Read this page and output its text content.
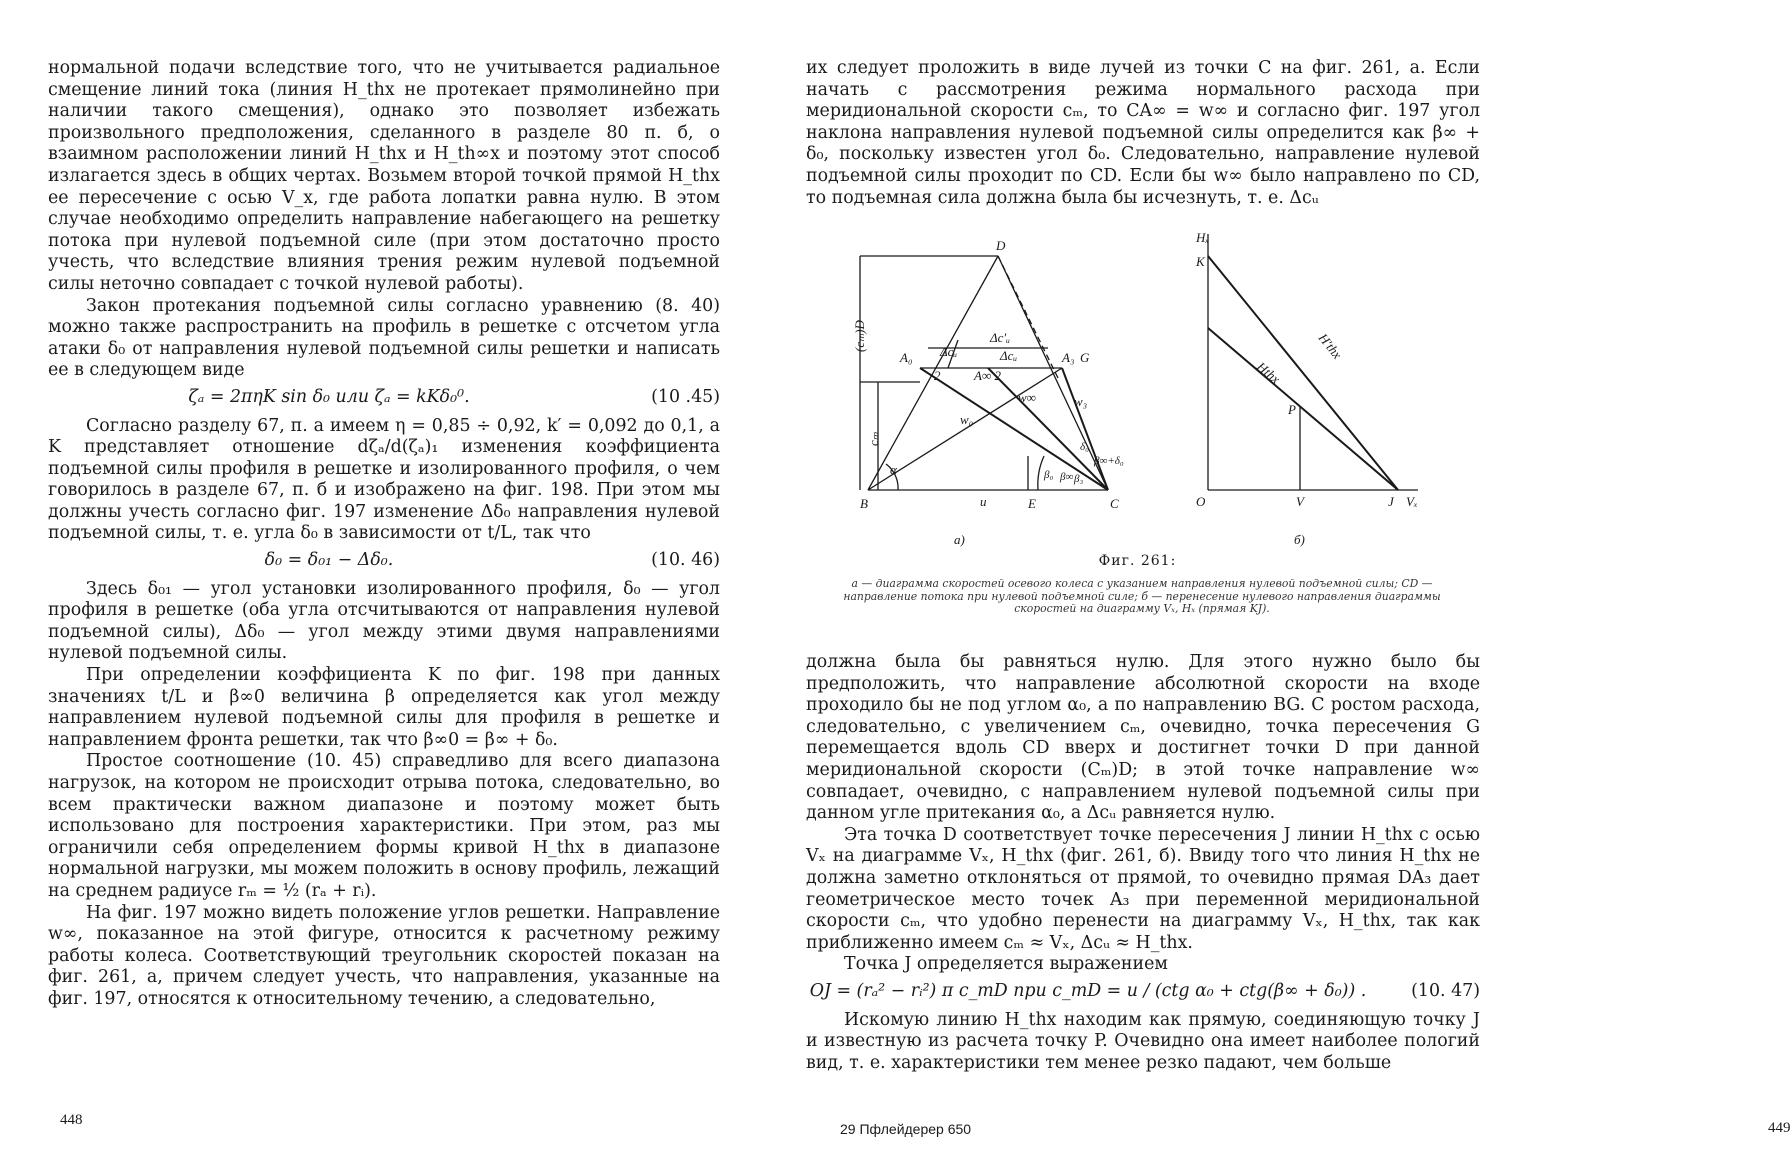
нормальной подачи вследствие того, что не учитывается радиальное смещение линий тока (линия H_thx не протекает прямолинейно при наличии такого смещения), однако это позволяет избежать произвольного предположения, сделанного в разделе 80 п. б, о взаимном расположении линий H_thx и H_th∞x и поэтому этот способ излагается здесь в общих чертах. Возьмем второй точкой прямой H_thx ее пересечение с осью V_x, где работа лопатки равна нулю. В этом случае необходимо определить направление набегающего на решетку потока при нулевой подъемной силе (при этом достаточно просто учесть, что вследствие влияния трения режим нулевой подъемной силы неточно совпадает с точкой нулевой работы).

Закон протекания подъемной силы согласно уравнению (8. 40) можно также распространить на профиль в решетке с отсчетом угла атаки δ₀ от направления нулевой подъемной силы решетки и написать ее в следующем виде

ζₐ = 2πηK sin δ₀ или ζₐ = kKδ₀⁰.	(10 .45)

Согласно разделу 67, п. а имеем η = 0,85 ÷ 0,92, k′ = 0,092 до 0,1, а K представляет отношение dζₐ/d(ζₐ)₁ изменения коэффициента подъемной силы профиля в решетке и изолированного профиля, о чем говорилось в разделе 67, п. б и изображено на фиг. 198. При этом мы должны учесть согласно фиг. 197 изменение Δδ₀ направления нулевой подъемной силы, т. е. угла δ₀ в зависимости от t/L, так что

δ₀ = δ₀₁ − Δδ₀.	(10. 46)

Здесь δ₀₁ — угол установки изолированного профиля, δ₀ — угол профиля в решетке (оба угла отсчитываются от направления нулевой подъемной силы), Δδ₀ — угол между этими двумя направлениями нулевой подъемной силы.

При определении коэффициента K по фиг. 198 при данных значениях t/L и β∞0 величина β определяется как угол между направлением нулевой подъемной силы для профиля в решетке и направлением фронта решетки, так что β∞0 = β∞ + δ₀.

Простое соотношение (10. 45) справедливо для всего диапазона нагрузок, на котором не происходит отрыва потока, следовательно, во всем практически важном диапазоне и поэтому может быть использовано для построения характеристики. При этом, раз мы ограничили себя определением формы кривой H_thx в диапазоне нормальной нагрузки, мы можем положить в основу профиль, лежащий на среднем радиусе rₘ = ½ (rₐ + rᵢ).

На фиг. 197 можно видеть положение углов решетки. Направление w∞, показанное на этой фигуре, относится к расчетному режиму работы колеса. Соответствующий треугольник скоростей показан на фиг. 261, а, причем следует учесть, что направления, указанные на фиг. 197, относятся к относительному течению, а следовательно,

448

их следует проложить в виде лучей из точки C на фиг. 261, а. Если начать с рассмотрения режима нормального расхода при меридиональной скорости cₘ, то CA∞ = w∞ и согласно фиг. 197 угол наклона направления нулевой подъемной силы определится как β∞ + δ₀, поскольку известен угол δ₀. Следовательно, направление нулевой подъемной силы проходит по CD. Если бы w∞ было направлено по CD, то подъемная сила должна была бы исчезнуть, т. е. Δcᵤ

D
A₀	A₃ G
B	C
E
u
(cₘ)D
cₘ
α
Δc′ᵤ
Δcᵤ	Δcᵤ
2	A∞ 2
w₀
w∞	w₃
β₀ β∞ β₃
δ₀
β∞+δ₀
а)
Hₓ
K
O	V	J Vₓ
P
H′thx
Hthx
б)
Фиг. 261:
а — диаграмма скоростей осевого колеса с указанием направления нулевой подъемной силы; CD — направление потока при нулевой подъемной силе; б — перенесение нулевого направления диаграммы скоростей на диаграмму Vₓ, Hₓ (прямая KJ).

должна была бы равняться нулю. Для этого нужно было бы предположить, что направление абсолютной скорости на входе проходило бы не под углом α₀, а по направлению BG. С ростом расхода, следовательно, с увеличением cₘ, очевидно, точка пересечения G перемещается вдоль CD вверх и достигнет точки D при данной меридиональной скорости (Cₘ)D; в этой точке направление w∞ совпадает, очевидно, с направлением нулевой подъемной силы при данном угле притекания α₀, а Δcᵤ равняется нулю.

Эта точка D соответствует точке пересечения J линии H_thx с осью Vₓ на диаграмме Vₓ, H_thx (фиг. 261, б). Ввиду того что линия H_thx не должна заметно отклоняться от прямой, то очевидно прямая DA₃ дает геометрическое место точек A₃ при переменной меридиональной скорости cₘ, что удобно перенести на диаграмму Vₓ, H_thx, так как приближенно имеем cₘ ≈ Vₓ, Δcᵤ ≈ H_thx.

Точка J определяется выражением

OJ = (rₐ² − rᵢ²) π c_mD при c_mD = u / (ctg α₀ + ctg(β∞ + δ₀)) .	(10. 47)

Искомую линию H_thx находим как прямую, соединяющую точку J и известную из расчета точку P. Очевидно она имеет наиболее пологий вид, т. е. характеристики тем менее резко падают, чем больше

29 Пфлейдерер 650	449
